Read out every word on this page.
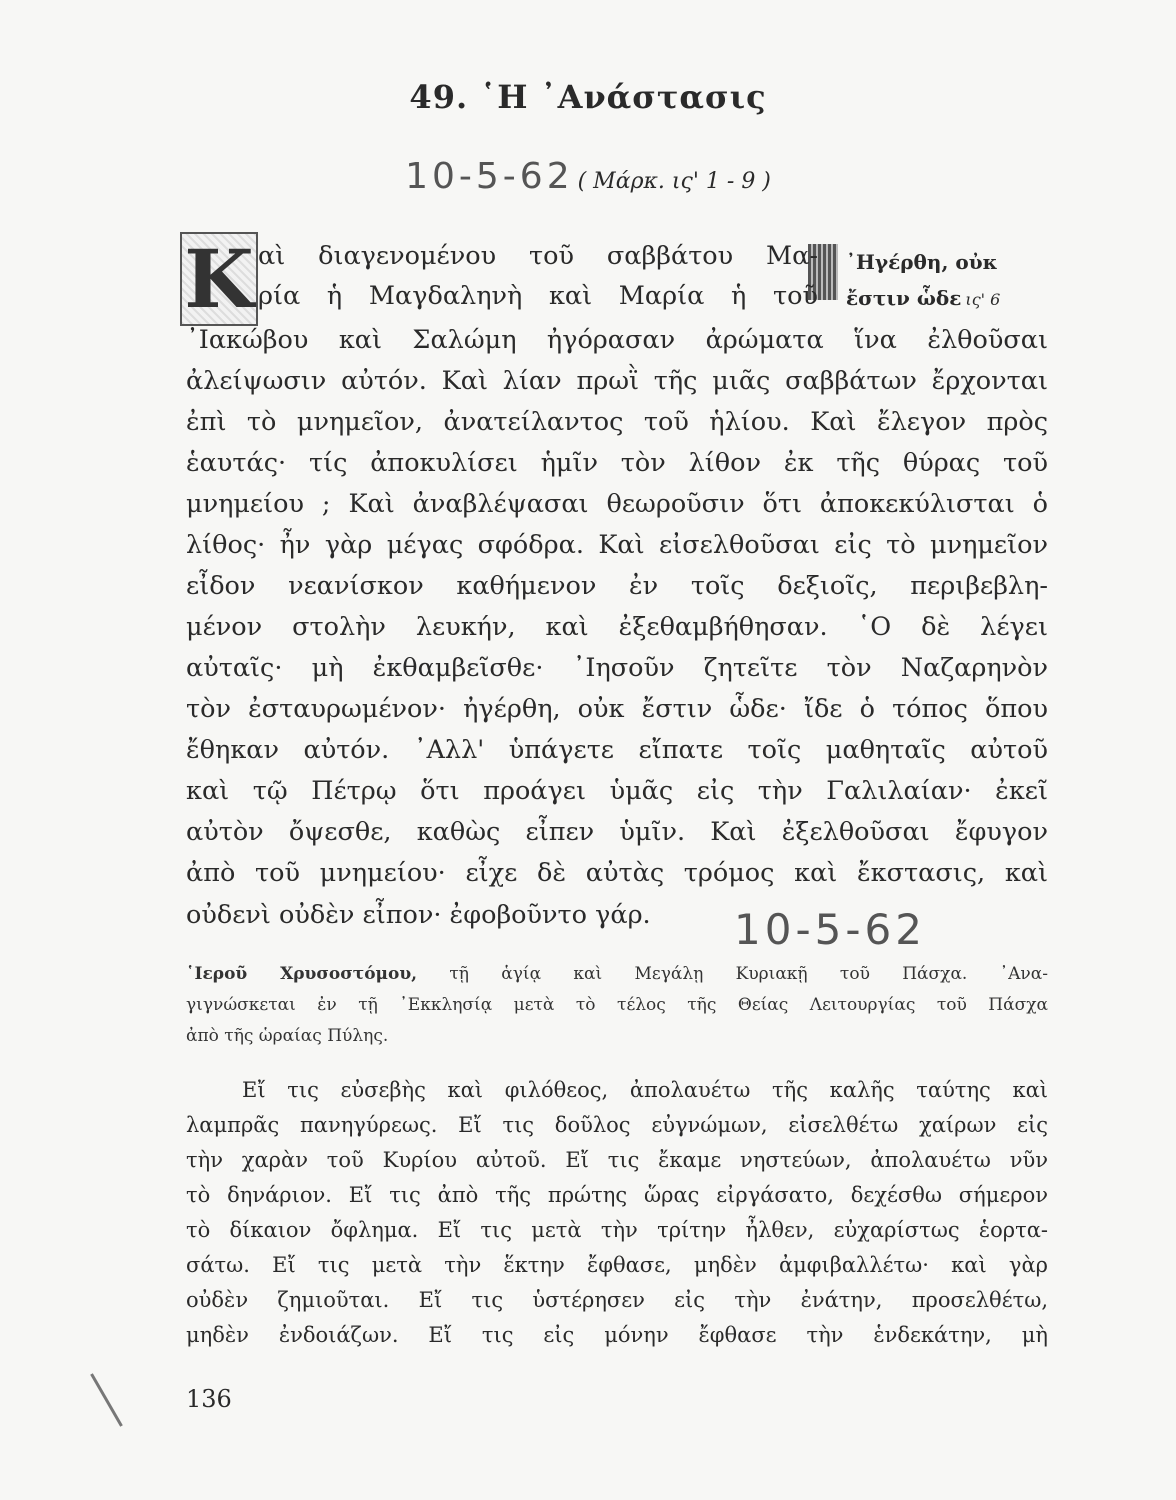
49. ῾Η ᾿Ανάστασις
10-5-62 ( Μάρκ. ις' 1 - 9 )
Κ	᾿Ηγέρθη, οὐκ
ἔστιν ὧδε ις' 6
αὶ διαγενομένου τοῦ σαββάτου Μα-
ρία ἡ Μαγδαληνὴ καὶ Μαρία ἡ τοῦ
᾿Ιακώβου καὶ Σαλώμη ἠγόρασαν ἀρώματα ἵνα ἐλθοῦσαι
ἀλείψωσιν αὐτόν. Καὶ λίαν πρωῒ τῆς μιᾶς σαββάτων ἔρχονται
ἐπὶ τὸ μνημεῖον, ἀνατείλαντος τοῦ ἡλίου. Καὶ ἔλεγον πρὸς
ἑαυτάς· τίς ἀποκυλίσει ἡμῖν τὸν λίθον ἐκ τῆς θύρας τοῦ
μνημείου ; Καὶ ἀναβλέψασαι θεωροῦσιν ὅτι ἀποκεκύλισται ὁ
λίθος· ἦν γὰρ μέγας σφόδρα. Καὶ εἰσελθοῦσαι εἰς τὸ μνημεῖον
εἶδον νεανίσκον καθήμενον ἐν τοῖς δεξιοῖς, περιβεβλη-
μένον στολὴν λευκήν, καὶ ἐξεθαμβήθησαν. ῾Ο δὲ λέγει
αὐταῖς· μὴ ἐκθαμβεῖσθε· ᾿Ιησοῦν ζητεῖτε τὸν Ναζαρηνὸν
τὸν ἐσταυρωμένον· ἠγέρθη, οὐκ ἔστιν ὧδε· ἴδε ὁ τόπος ὅπου
ἔθηκαν αὐτόν. ᾿Αλλ' ὑπάγετε εἴπατε τοῖς μαθηταῖς αὐτοῦ
καὶ τῷ Πέτρῳ ὅτι προάγει ὑμᾶς εἰς τὴν Γαλιλαίαν· ἐκεῖ
αὐτὸν ὄψεσθε, καθὼς εἶπεν ὑμῖν. Καὶ ἐξελθοῦσαι ἔφυγον
ἀπὸ τοῦ μνημείου· εἶχε δὲ αὐτὰς τρόμος καὶ ἔκστασις, καὶ
οὐδενὶ οὐδὲν εἶπον· ἐφοβοῦντο γάρ. 10-5-62
῾Ιεροῦ Χρυσοστόμου, τῇ ἁγίᾳ καὶ Μεγάλῃ Κυριακῇ τοῦ Πάσχα. ᾿Ανα-
γιγνώσκεται ἐν τῇ ᾿Εκκλησίᾳ μετὰ τὸ τέλος τῆς Θείας Λειτουργίας τοῦ Πάσχα
ἀπὸ τῆς ὡραίας Πύλης.
Εἴ τις εὐσεβὴς καὶ φιλόθεος, ἀπολαυέτω τῆς καλῆς ταύτης καὶ
λαμπρᾶς πανηγύρεως. Εἴ τις δοῦλος εὐγνώμων, εἰσελθέτω χαίρων εἰς
τὴν χαρὰν τοῦ Κυρίου αὐτοῦ. Εἴ τις ἔκαμε νηστεύων, ἀπολαυέτω νῦν
τὸ δηνάριον. Εἴ τις ἀπὸ τῆς πρώτης ὥρας εἰργάσατο, δεχέσθω σήμερον
τὸ δίκαιον ὄφλημα. Εἴ τις μετὰ τὴν τρίτην ἦλθεν, εὐχαρίστως ἑορτα-
σάτω. Εἴ τις μετὰ τὴν ἕκτην ἔφθασε, μηδὲν ἀμφιβαλλέτω· καὶ γὰρ
οὐδὲν ζημιοῦται. Εἴ τις ὑστέρησεν εἰς τὴν ἐνάτην, προσελθέτω,
μηδὲν ἐνδοιάζων. Εἴ τις εἰς μόνην ἔφθασε τὴν ἑνδεκάτην, μὴ
136
